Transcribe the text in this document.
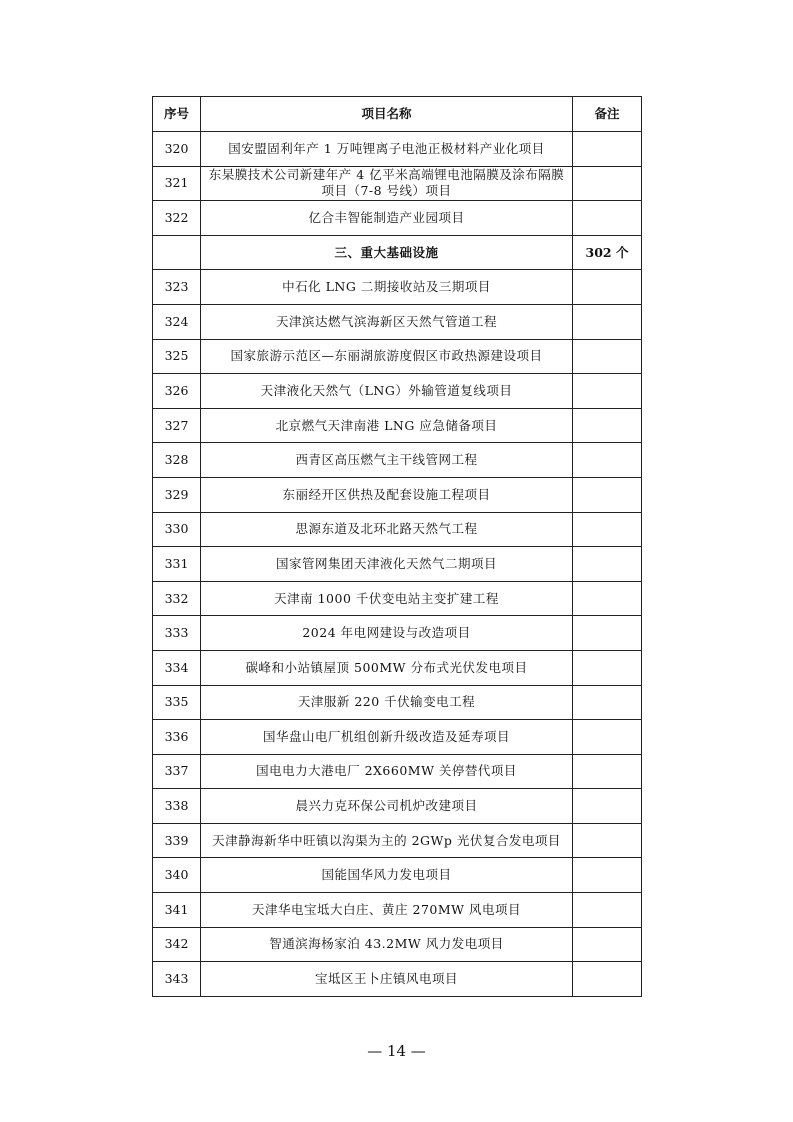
序号	项目名称	备注
320	国安盟固利年产 1 万吨锂离子电池正极材料产业化项目	
321	东杲膜技术公司新建年产 4 亿平米高端锂电池隔膜及涂布隔膜项目（7-8 号线）项目	
322	亿合丰智能制造产业园项目	
	三、重大基础设施	302 个
323	中石化 LNG 二期接收站及三期项目	
324	天津滨达燃气滨海新区天然气管道工程	
325	国家旅游示范区—东丽湖旅游度假区市政热源建设项目	
326	天津液化天然气（LNG）外输管道复线项目	
327	北京燃气天津南港 LNG 应急储备项目	
328	西青区高压燃气主干线管网工程	
329	东丽经开区供热及配套设施工程项目	
330	思源东道及北环北路天然气工程	
331	国家管网集团天津液化天然气二期项目	
332	天津南 1000 千伏变电站主变扩建工程	
333	2024 年电网建设与改造项目	
334	碳峰和小站镇屋顶 500MW 分布式光伏发电项目	
335	天津服新 220 千伏输变电工程	
336	国华盘山电厂机组创新升级改造及延寿项目	
337	国电电力大港电厂 2X660MW 关停替代项目	
338	晨兴力克环保公司机炉改建项目	
339	天津静海新华中旺镇以沟渠为主的 2GWp 光伏复合发电项目	
340	国能国华风力发电项目	
341	天津华电宝坻大白庄、黄庄 270MW 风电项目	
342	智通滨海杨家泊 43.2MW 风力发电项目	
343	宝坻区王卜庄镇风电项目	
— 14 —
